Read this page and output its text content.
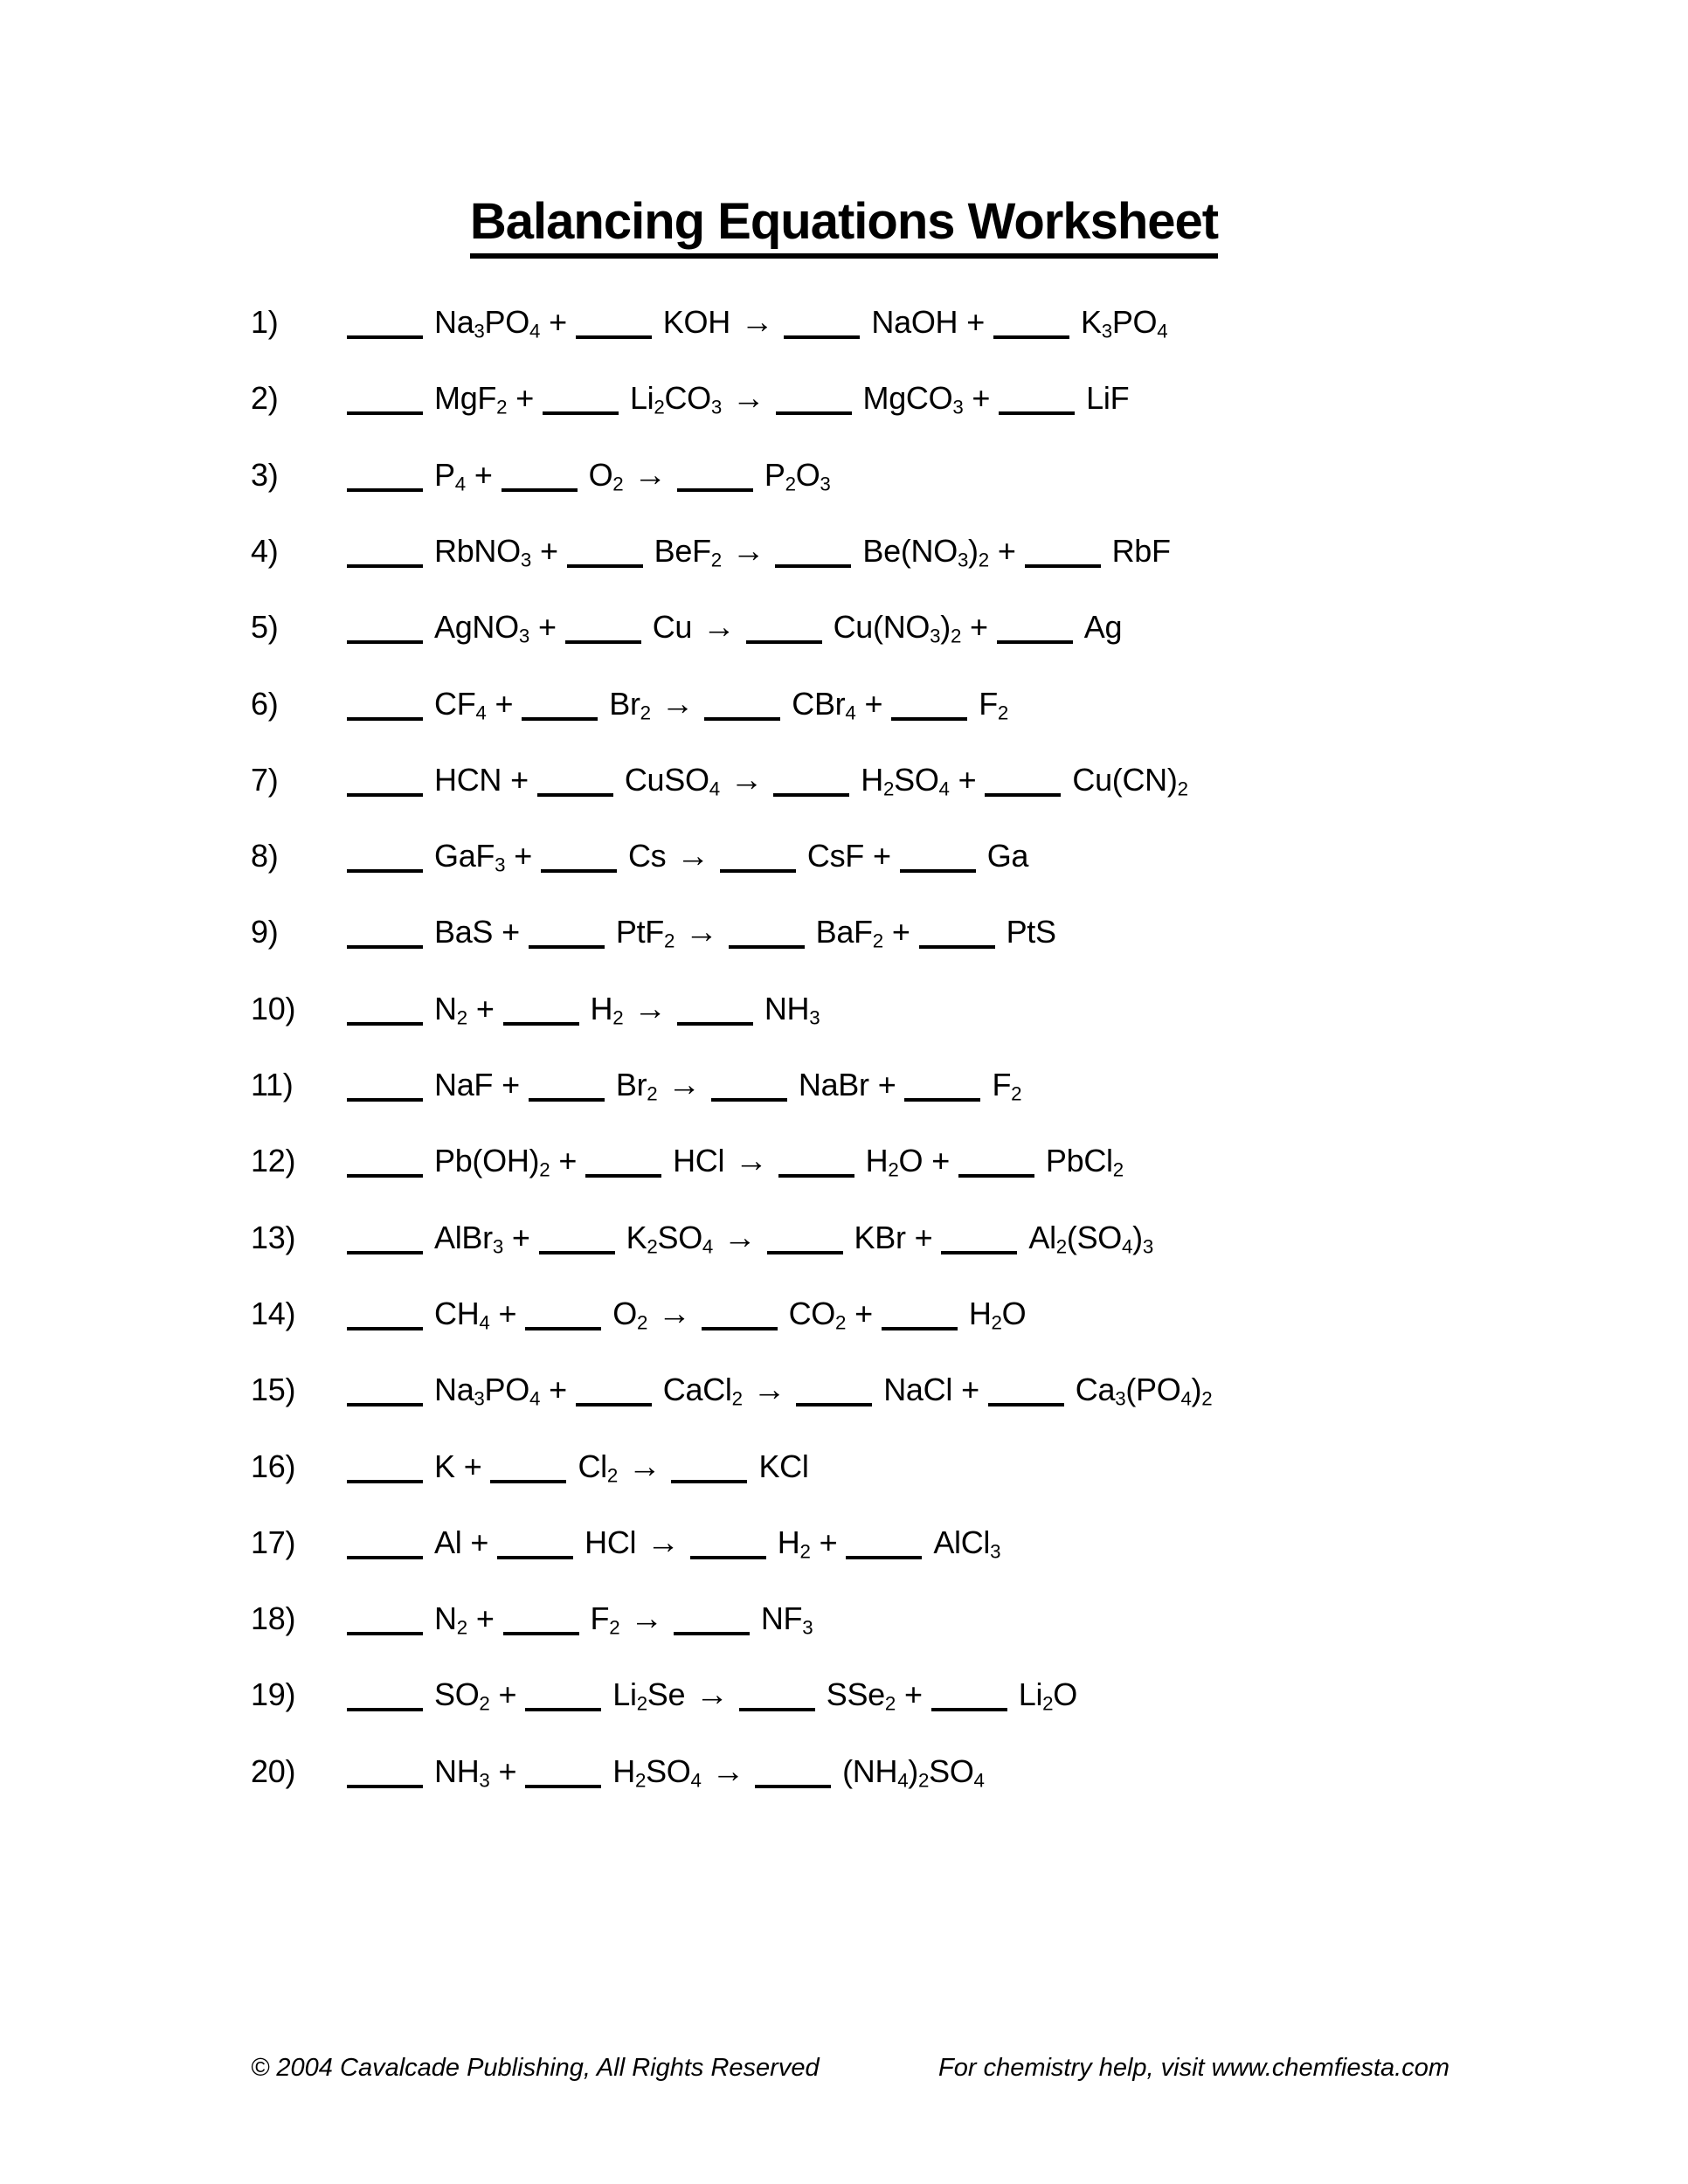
Balancing Equations Worksheet
1)	$Na_3PO_4$ +	KOH →	NaOH +	$K_3PO_4$
2)	MgF$_2$ +	$Li_2CO_3$ →	MgCO$_3$ +	LiF
3)	$P_4$ +	$O_2$ →	$P_2O_3$
4)	RbNO$_3$ +	BeF$_2$ →	$Be(NO_3)_2$ +	RbF
5)	AgNO$_3$ +	Cu →	$Cu(NO_3)_2$ +	Ag
6)	$CF_4$ +	$Br_2$ →	CBr$_4$ +	$F_2$
7)	HCN +	CuSO$_4$ →	$H_2SO_4$ +	$Cu(CN)_2$
8)	GaF$_3$ +	Cs →	CsF +	Ga
9)	BaS +	PtF$_2$ →	BaF$_2$ +	PtS
10)	$N_2$ +	$H_2$ →	$NH_3$
11)	NaF +	$Br_2$ →	NaBr +	$F_2$
12)	$Pb(OH)_2$ +	HCl →	$H_2O$ +	PbCl$_2$
13)	AlBr$_3$ +	$K_2SO_4$ →	KBr +	$Al_2(SO_4)_3$
14)	$CH_4$ +	$O_2$ →	$CO_2$ +	$H_2O$
15)	$Na_3PO_4$ +	CaCl$_2$ →	NaCl +	$Ca_3(PO_4)_2$
16)	K +	$Cl_2$ →	KCl
17)	Al +	HCl →	$H_2$ +	AlCl$_3$
18)	$N_2$ +	$F_2$ →	$NF_3$
19)	$SO_2$ +	$Li_2Se$ →	SSe$_2$ +	$Li_2O$
20)	$NH_3$ +	$H_2SO_4$ →	$(NH_4)_2SO_4$
© 2004 Cavalcade Publishing, All Rights Reserved	For chemistry help, visit www.chemfiesta.com
